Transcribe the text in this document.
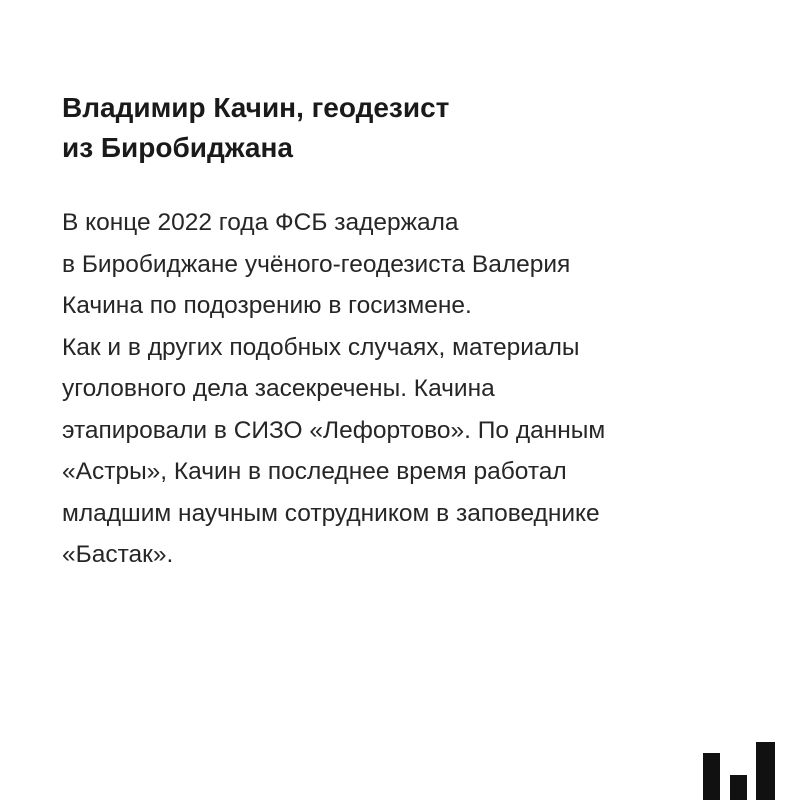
Владимир Качин, геодезист
из Биробиджана
В конце 2022 года ФСБ задержала
в Биробиджане учёного-геодезиста Валерия
Качина по подозрению в госизмене.
Как и в других подобных случаях, материалы
уголовного дела засекречены. Качина
этапировали в СИЗО «Лефортово». По данным
«Астры», Качин в последнее время работал
младшим научным сотрудником в заповеднике
«Бастак».
